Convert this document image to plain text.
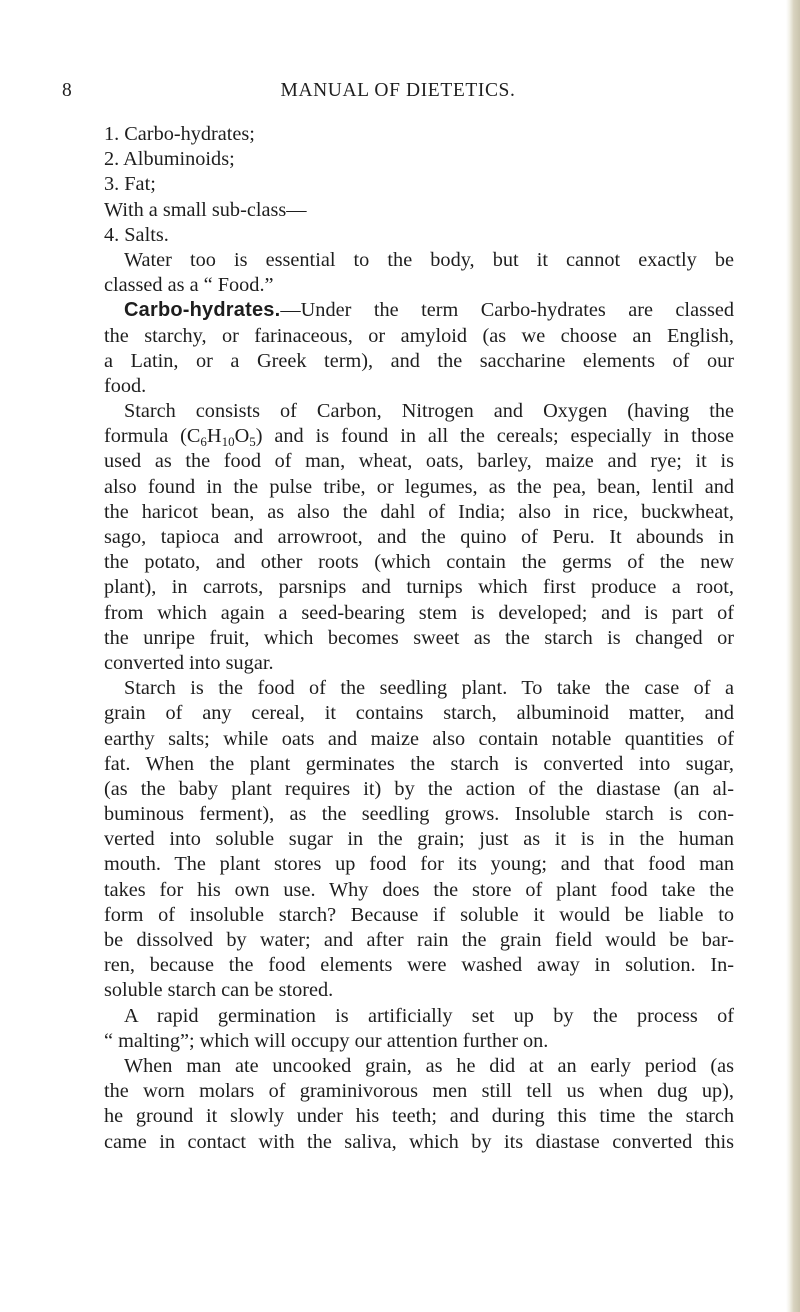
8	MANUAL OF DIETETICS.
1. Carbo-hydrates;
2. Albuminoids;
3. Fat;
With a small sub-class—
4. Salts.
Water too is essential to the body, but it cannot exactly be
classed as a “ Food.”
Carbo-hydrates.—Under the term Carbo-hydrates are classed
the starchy, or farinaceous, or amyloid (as we choose an English,
a Latin, or a Greek term), and the saccharine elements of our
food.
Starch consists of Carbon, Nitrogen and Oxygen (having the
formula $(C_6H_{10}O_5)$ and is found in all the cereals; especially in those
used as the food of man, wheat, oats, barley, maize and rye; it is
also found in the pulse tribe, or legumes, as the pea, bean, lentil and
the haricot bean, as also the dahl of India; also in rice, buckwheat,
sago, tapioca and arrowroot, and the quino of Peru. It abounds in
the potato, and other roots (which contain the germs of the new
plant), in carrots, parsnips and turnips which first produce a root,
from which again a seed-bearing stem is developed; and is part of
the unripe fruit, which becomes sweet as the starch is changed or
converted into sugar.
Starch is the food of the seedling plant. To take the case of a
grain of any cereal, it contains starch, albuminoid matter, and
earthy salts; while oats and maize also contain notable quantities of
fat. When the plant germinates the starch is converted into sugar,
(as the baby plant requires it) by the action of the diastase (an al-
buminous ferment), as the seedling grows. Insoluble starch is con-
verted into soluble sugar in the grain; just as it is in the human
mouth. The plant stores up food for its young; and that food man
takes for his own use. Why does the store of plant food take the
form of insoluble starch? Because if soluble it would be liable to
be dissolved by water; and after rain the grain field would be bar-
ren, because the food elements were washed away in solution. In-
soluble starch can be stored.
A rapid germination is artificially set up by the process of
“ malting”; which will occupy our attention further on.
When man ate uncooked grain, as he did at an early period (as
the worn molars of graminivorous men still tell us when dug up),
he ground it slowly under his teeth; and during this time the starch
came in contact with the saliva, which by its diastase converted this
